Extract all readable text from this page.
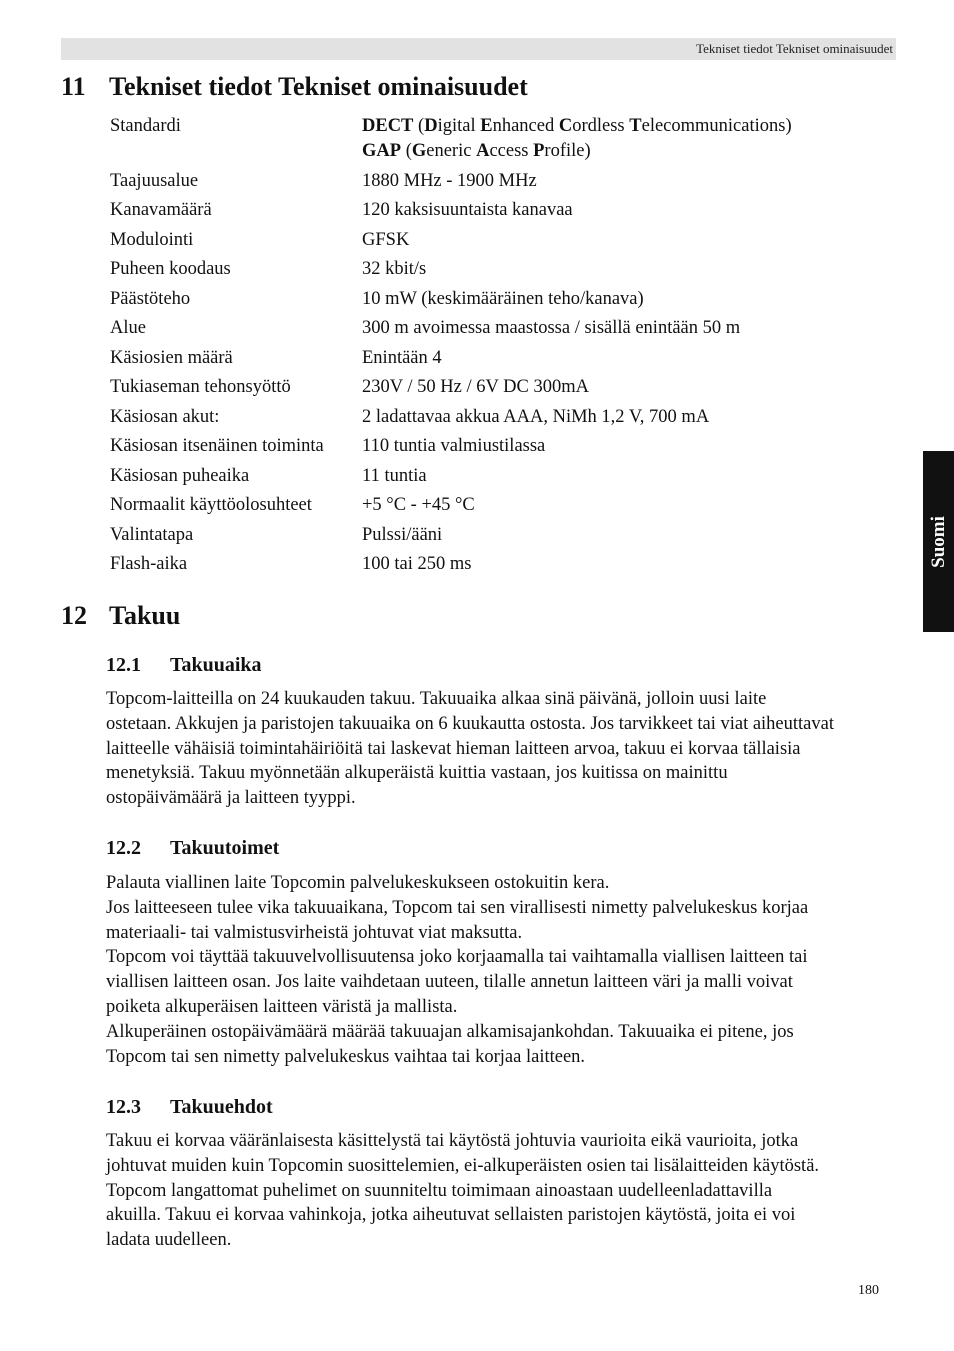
Tekniset tiedot Tekniset ominaisuudet
11 Tekniset tiedot Tekniset ominaisuudet
Standardi	DECT (Digital Enhanced Cordless Telecommunications)
GAP (Generic Access Profile)
Taajuusalue	1880 MHz - 1900 MHz
Kanavamäärä	120 kaksisuuntaista kanavaa
Modulointi	GFSK
Puheen koodaus	32 kbit/s
Päästöteho	10 mW (keskimääräinen teho/kanava)
Alue	300 m avoimessa maastossa / sisällä enintään 50 m
Käsiosien määrä	Enintään 4
Tukiaseman tehonsyöttö	230V / 50 Hz / 6V DC 300mA
Käsiosan akut:	2 ladattavaa akkua AAA, NiMh 1,2 V, 700 mA
Käsiosan itsenäinen toiminta	110 tuntia valmiustilassa
Käsiosan puheaika	11 tuntia
Normaalit käyttöolosuhteet	+5 °C - +45 °C
Valintatapa	Pulssi/ääni
Flash-aika	100 tai 250 ms
12 Takuu
12.1 Takuuaika
Topcom-laitteilla on 24 kuukauden takuu. Takuuaika alkaa sinä päivänä, jolloin uusi laite
ostetaan. Akkujen ja paristojen takuuaika on 6 kuukautta ostosta. Jos tarvikkeet tai viat aiheuttavat
laitteelle vähäisiä toimintahäiriöitä tai laskevat hieman laitteen arvoa, takuu ei korvaa tällaisia
menetyksiä. Takuu myönnetään alkuperäistä kuittia vastaan, jos kuitissa on mainittu
ostopäivämäärä ja laitteen tyyppi.
12.2 Takuutoimet
Palauta viallinen laite Topcomin palvelukeskukseen ostokuitin kera.
Jos laitteeseen tulee vika takuuaikana, Topcom tai sen virallisesti nimetty palvelukeskus korjaa
materiaali- tai valmistusvirheistä johtuvat viat maksutta.
Topcom voi täyttää takuuvelvollisuutensa joko korjaamalla tai vaihtamalla viallisen laitteen tai
viallisen laitteen osan. Jos laite vaihdetaan uuteen, tilalle annetun laitteen väri ja malli voivat
poiketa alkuperäisen laitteen väristä ja mallista.
Alkuperäinen ostopäivämäärä määrää takuuajan alkamisajankohdan. Takuuaika ei pitene, jos
Topcom tai sen nimetty palvelukeskus vaihtaa tai korjaa laitteen.
12.3 Takuuehdot
Takuu ei korvaa vääränlaisesta käsittelystä tai käytöstä johtuvia vaurioita eikä vaurioita, jotka
johtuvat muiden kuin Topcomin suosittelemien, ei-alkuperäisten osien tai lisälaitteiden käytöstä.
Topcom langattomat puhelimet on suunniteltu toimimaan ainoastaan uudelleenladattavilla
akuilla. Takuu ei korvaa vahinkoja, jotka aiheutuvat sellaisten paristojen käytöstä, joita ei voi
ladata uudelleen.
Suomi
180
